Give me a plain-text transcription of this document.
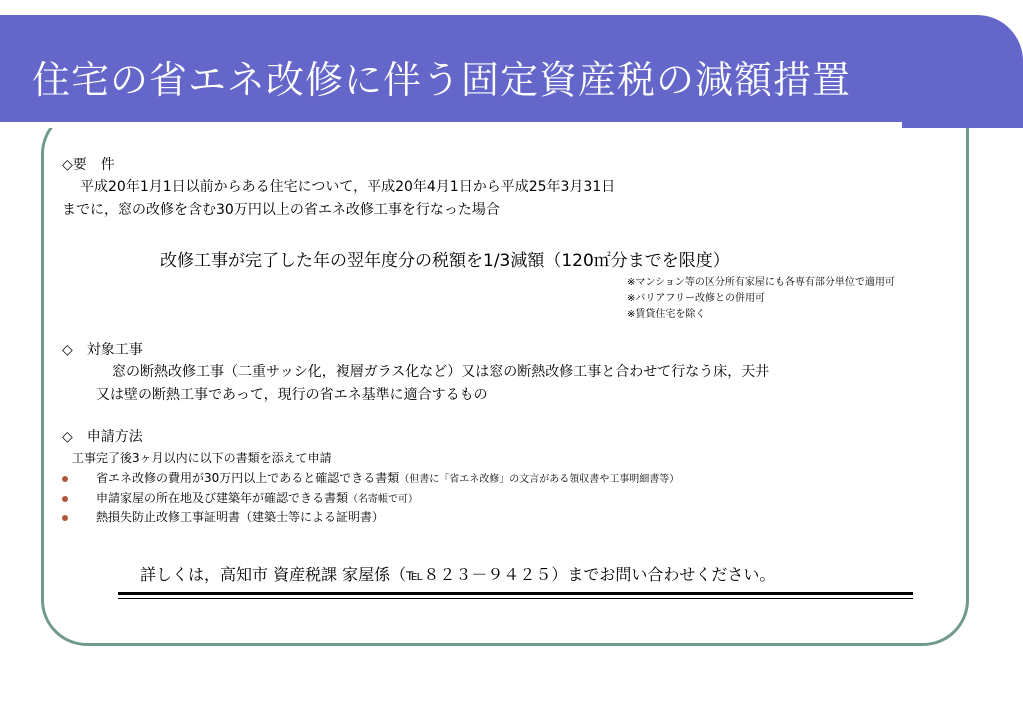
住宅の省エネ改修に伴う固定資産税の減額措置
◇要　件
平成20年1月1日以前からある住宅について，平成20年4月1日から平成25年3月31日
までに，窓の改修を含む30万円以上の省エネ改修工事を行なった場合
改修工事が完了した年の翌年度分の税額を1/3減額（120㎡分までを限度）
※マンション等の区分所有家屋にも各専有部分単位で適用可
※バリアフリー改修との併用可
※賃貸住宅を除く
◇　対象工事
窓の断熱改修工事（二重サッシ化，複層ガラス化など）又は窓の断熱改修工事と合わせて行なう床，天井
又は壁の断熱工事であって，現行の省エネ基準に適合するもの
◇　申請方法
工事完了後3ヶ月以内に以下の書類を添えて申請
省エネ改修の費用が30万円以上であると確認できる書類（但書に「省エネ改修」の文言がある領収書や工事明細書等）
申請家屋の所在地及び建築年が確認できる書類（名寄帳で可）
熱損失防止改修工事証明書（建築士等による証明書）
詳しくは，高知市 資産税課 家屋係（℡８２３－９４２５）までお問い合わせください。
